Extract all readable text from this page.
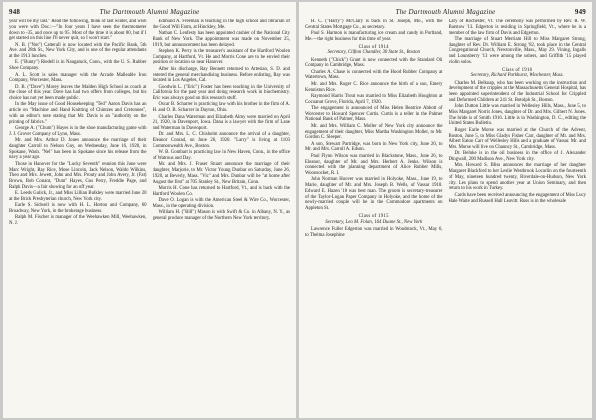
948	The Dartmouth Alumni Magazine

year will be my last." Read the following, think of last winter, and wish you were with Doc.:—"In four years I have seen the thermometer down to -35, and once up to 95. Most of the time it is about 80, but if I get started on this line I'll never quit, so I won't start."

N. B. ("Not") Catterall is now located with the Pacific Bank, 5th Ave. and 28th St., New York City, and is one of the regular attendants at the 1913 lunches.

E. ("Bunty") Riedell is in Naugatuck, Conn., with the U. S. Rubber Shoe Company.

A. L. Scott is sales manager with the Arcade Malleable Iron Company, Worcester, Mass.

D. B. ("Dave") Morey leaves the Malden High School as coach at the close of this year. Dave has had two offers from colleges, but his choice has not yet been made public.

In the May issue of Good Housekeeping "Ted" Aaron Davis has an article on "Machine and Hand Knitting of Chintzes and Cretonnes", with an editor's note stating that Mr. Davis is an "authority on the printing of fabrics."

George A. ("Chum") Hayes is in the shoe manufacturing game with J. J. Grover Company of Lynn, Mass.

Mr. and Mrs. Arthur D. Jones announce the marriage of their daughter Carroll to Nelson Guy, on Wednesday, June 16, 1920, in Spokane, Wash. "Nel" has been in Spokane since his release from the navy a year ago.

Those in Hanover for the "Lucky Seventh" reunion this June were Marc Wright, Ray Rice, Mose Lincoln, Jack Nelson, Waldo Wilkins, Theo and Mrs. Jewett, John and Mrs. Prouty and John Avery, Jr. (Fat) Brown, Bob Conant, "Dum" Hayes, Gus Perry, Freddie Page, and Ralph Davis—a fair showing for an off year.

E. Leeds Gulick, Jr., and Miss Lillian Bulkley were married June 20 at the Brick Presbyterian church, New York city.

Earle S. Sidwell is now with H. L. Horton and Company, 60 Broadway, New York, in the brokerage business.

Ralph M. Fischer is manager of the Weehawken Mill, Weehawken, N. J.

Edmund A. Freeman is teaching in the high school and librarian of the Good Will Farm, at Hinckley, Me.

Nathan C. Lenfesty has been appointed cashier of the National City Bank of New York. The appointment was made on November 25, 1919, but announcement has been delayed.

Stephen K. Perry is the treasurer's assistant of the Hartford Woolen Company, at Hartford, Vt. He and Morris Cone are to be envied their position or location so near Hanover.

After his discharge, Ray Bennett returned to Artesian, S. D. and entered the general merchandising business. Before enlisting, Ray was located in Los Angeles, Cal.

Goodwin L. ("Eric") Foster has been teaching in the University of California for the past year and doing research work in biochemistry. Eric was always good on this research stuff.

Oscar B. Scharrer is practicing law with his brother in the firm of A. H. and O. B. Scharrer in Dayton, Ohio.

Charles Dana Waterman and Elizabeth Almy were married on April 21, 1920, in Davenport, Iowa. Dana is a lawyer with the firm of Lane and Waterman in Davenport.

Dr. and Mrs. L. C. Chisholm announce the arrival of a daughter, Eleanor Conrad, on June 26, 1920. "Larry" is living at 1103 Commonwealth Ave., Boston.

W. B. Gombart is practicing law in New Haven, Conn., in the office of Watrous and Day.

Mr. and Mrs. J. Fraser Stuart announce the marriage of their daughter, Marjorie, to Mr. Victor Young Dunbar on Saturday, June 26, 1920, at Beverly, Mass. "Vic" and Mrs. Dunbar will be "at home after August the first" at 705 Stanley St., New Britain, Conn.

Morris H. Cone has returned to Hartford, Vt., and is back with the Hartford Woolen Co.

Dave O. Logan is with the American Steel & Wire Co., Worcester, Mass., in the operating division.

William H. ("Bill") Mason is with Swift & Co. in Albany, N. Y., as general produce manager of the Northern New York territory.

The Dartmouth Alumni Magazine	949

H. C. ("Harry") McClary is back in St. Joseph, Mo., with the Central States Mortgage Co., as secretary.

Paul S. Harmon is manufacturing ice cream and candy in Portland, Me.—the right business for this time of year.

Class of 1914
Secretary, Clifton Chandler, 30 State St., Boston

Kenneth ("Chick") Grant is now connected with the Standard Oil Company in Cambridge, Mass.

Charles A. Chase is connected with the Hood Rubber Company at Watertown, Mass.

Mr. and Mrs. Roger C. Rice announce the birth of a son, Emery Kenniston Rice.

Raymond Harris Trout was married to Miss Elizabeth Houghton at Cocoanut Grove, Florida, April 7, 1920.

The engagement is announced of Miss Helen Beatrice Abbott of Worcester to Howard Spencer Curtis. Curtis is a teller in the Palmer National Bank of Palmer, Mass.

Mr. and Mrs. William C. Moller of New York city announce the engagement of their daughter, Miss Martha Washington Moller, to Mr. Gordon C. Sleeper.

A son, Stewart Partridge, was born in New York city, June 20, to Mr. and Mrs. Carroll A. Edson.

Paul Flynn Wilson was married in Blackstone, Mass., June 26, to Eleanor, daughter of Mr. and Mrs. Herbert A. Jenks. Wilson is connected with the planning department of Alice Rubber Mills, Woonsocket, R. I.

John Norman Hoover was married in Holyoke, Mass., June 19, to Marie, daughter of Mr. and Mrs. Joseph B. Wells, of Vassar 1918. Edward E. Hazen '18 was best man. The groom is secretary-treasurer of the Taylor-Logan Paper Company in Holyoke, and the home of the newly-married couple will be in the Commodore apartments on Appleton St.

Class of 1915
Secretary, Leo M. Folan, 164 Duane St., New York

Lawrence Fuller Edgerton was married in Woodstock, Vt., May 6, to Thelma Josephine

Lary of Rochester, Vt. The ceremony was performed by Rev. R. W. Barstow '13. Edgerton is residing in Springfield, Vt., where he is a member of the law firm of Davis and Edgerton.

The marriage of Stuart Merriam Hill to Miss Margaret Strong, daughter of Rev. Dr. William E. Strong '82, took place in the Central Congregational Church, Newtonville, Mass., May 29. Vining, Ingalls and Lounsberry '13 were among the ushers, and Griffith '15 played violin solos.

Class of 1916
Secretary, Richard Parkhurst, Winchester, Mass.

Charles M. Belknap, who has been working on the instruction and development of the cripples at the Massachusetts General Hospital, has been appointed superintendent of the Industrial School for Crippled and Deformed Children at 241 St. Botolph St., Boston.

John Dutton Little was married in Wellesley Hills, Mass., June 5, to Miss Margaret Norris Jones, daughter of Dr. and Mrs. Gilbert N. Jones. The bride is of Smith 1916. Little is in Washington, D. C., editing the United States Bulletin.

Roger Earle Morse was married at the Church of the Advent, Boston, June 5, to Miss Gladys Fisher Carr, daughter of Mr. and Mrs. Albert Eaton Carr of Wellesley Hills and a graduate of Vassar. Mr. and Mrs. Morse will live on Chauncy St., Cambridge, Mass.

Dr. Belnke is in the oil business in the office of J. Alexander Dingwall, 200 Madison Ave., New York city.

Mrs. Howard S. Bliss announces the marriage of her daughter Margaret Blackford to her Leslie Westbrook Locarlin on the fourteenth of May, nineteen hundred twenty, Riverdale-on-Hudson, New York city. Les plans to spend another year at Union Seminary, and then return to his work in Turkey.

Cards have been received announcing the engagement of Miss Lucy Hale Waite and Russell Hall Leavitt. Russ is in the wholesale
